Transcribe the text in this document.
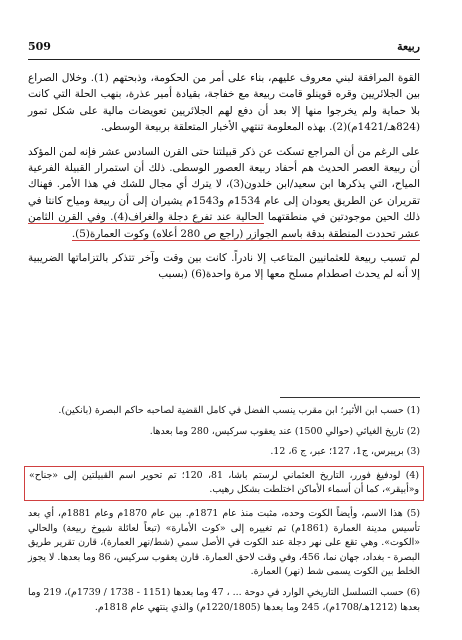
509	ربيعة

القوة المرافقة لبني معروف عليهم، بناء على أمر من الحكومة، وذبحتهم (1). وخلال الصراع بين الجلائريين وقره قوينلو قامت ربيعة مع خفاجة، بقيادة أمير عذرة، بنهب الحلة التي كانت بلا حماية ولم يخرجوا منها إلا بعد أن دفع لهم الجلائريين تعويضات مالية على شكل تمور (824هـ/1421م)(2). بهذه المعلومة تنتهي الأخبار المتعلقة بربيعة الوسطى.

على الرغم من أن المراجع تسكت عن ذكر قبيلتنا حتى القرن السادس عشر فإنه لمن المؤكد أن ربيعة العصر الحديث هم أحفاد ربيعة العصور الوسطى. ذلك أن استمرار القبيلة الفرعية المياح، التي يذكرها ابن سعيد/ابن خلدون(3)، لا يترك أي مجال للشك في هذا الأمر. فهناك تقريران عن الطريق يعودان إلى عام 1534م و1543م يشيران إلى أن ربيعة ومياح كانتا في ذلك الحين موجودتين في منطقتهما الحالية عند تفرع دجلة والغراف(4). وفي القرن الثامن عشر تحددت المنطقة بدقة باسم الجوازر (راجع ص 280 أعلاه) وكوت العمارة(5).

لم تسبب ربيعة للعثمانيين المتاعب إلا نادراً. كانت بين وقت وآخر تتذكر بالتزاماتها الضريبية إلا أنه لم يحدث اصطدام مسلح معها إلا مرة واحدة(6) (بسبب

(1) حسب ابن الأثير؛ ابن مقرب ينسب الفضل في كامل القضية لصاحبه حاكم البصرة (بانكين).
(2) تاريخ الغياثي (حوالي 1500) عند يعقوب سركيس، 280 وما بعدها.
(3) بريبرس، ج1، 127؛ عبر، ج 6، 12.
(4) لودفيغ فورر، التاريخ العثماني لرستم باشا، 81، 120؛ تم تحوير اسم القبيلتين إلى «جناح» و«أبيقر»، كما أن أسماء الأماكن اختلطت بشكل رهيب.
(5) هذا الاسم، وأيضاً الكوت وحده، مثبت منذ عام 1871م. بين عام 1870م وعام 1881م، أي بعد تأسيس مدينة العمارة (1861م) تم تغييره إلى «كوت الأمارة» (تبعاً لعائلة شيوخ ربيعة) والحالي «الكوت». وهي تقع على نهر دجلة عند الكوت في الأصل سمي (شط/نهر العمارة)، قارن تقرير طريق البصرة - بغداد، جهان نما، 456، وفي وقت لاحق العمارة. قارن يعقوب سركيس، 86 وما بعدها. لا يجوز الخلط بين الكوت يسمى شط (نهر) العمارة.
(6) حسب التسلسل التاريخي الوارد في دوحة ... ، 47 وما بعدها (1151 - 1738 / 1739م)، 219 وما بعدها (1212هـ/1708م)، 245 وما بعدها (1220/1805م) والذي ينتهي عام 1818م.
